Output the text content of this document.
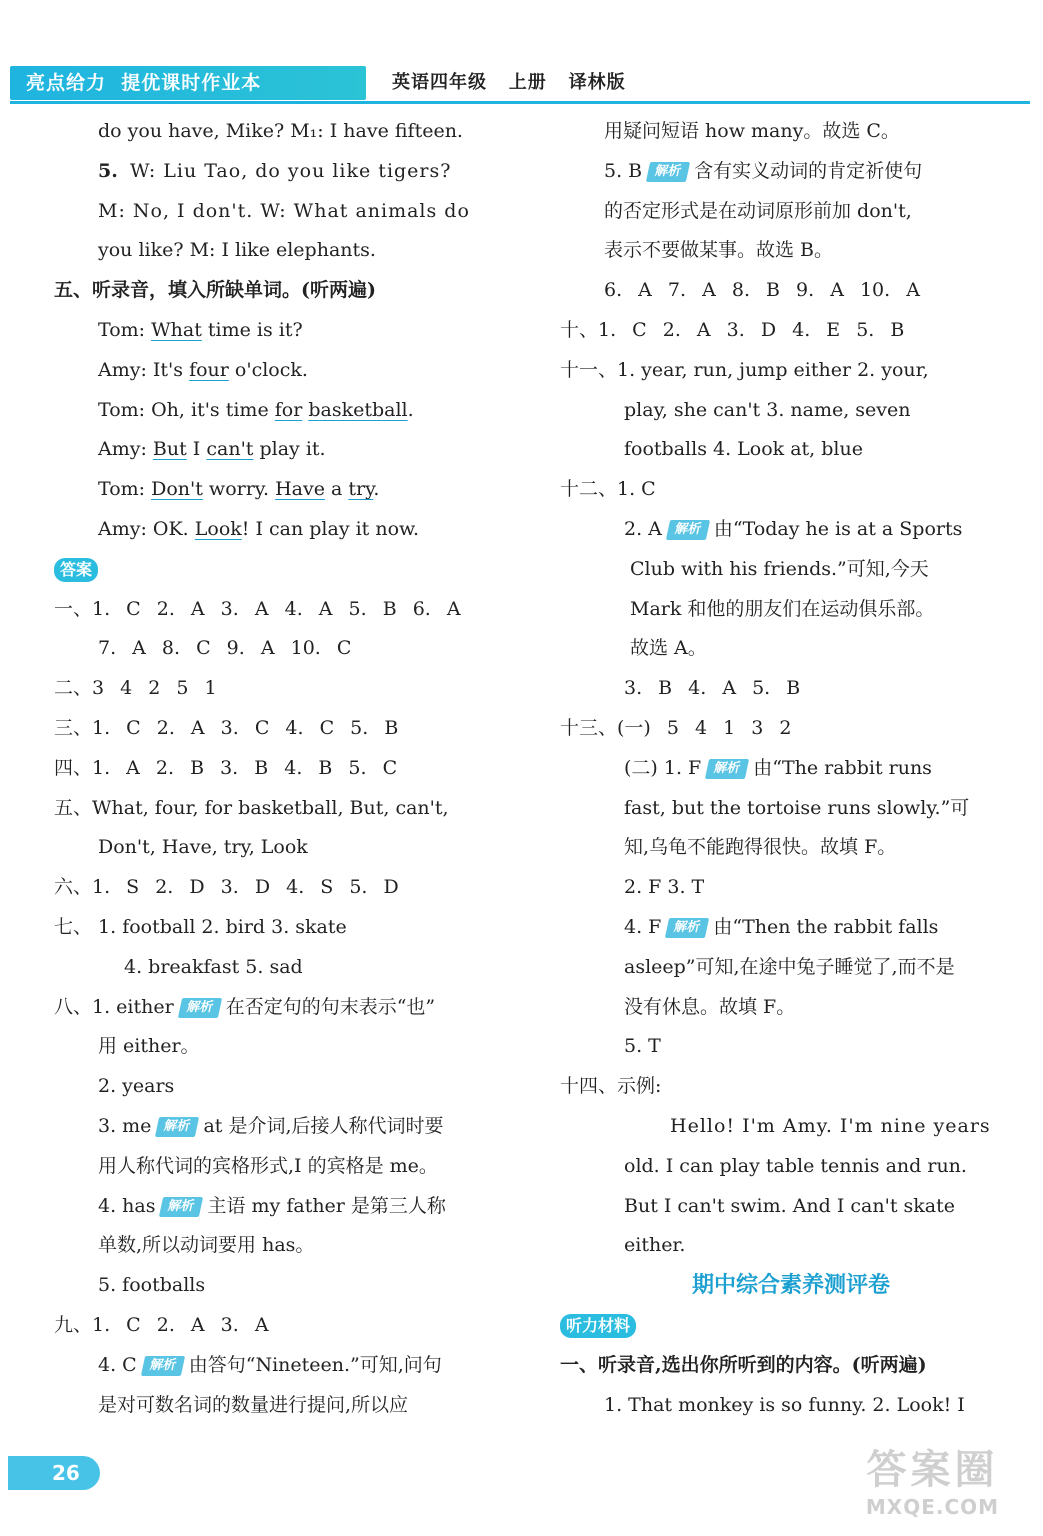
亮点给力  提优课时作业本	英语四年级   上册   译林版
do you have, Mike? M₁: I have fifteen.
5. W: Liu Tao, do you like tigers?
M: No, I don't. W: What animals do
you like? M: I like elephants.
五、听录音，填入所缺单词。(听两遍)
Tom: What time is it?
Amy: It's four o'clock.
Tom: Oh, it's time for basketball.
Amy: But I can't play it.
Tom: Don't worry. Have a try.
Amy: OK. Look! I can play it now.
答案
一、1. C 2. A 3. A 4. A 5. B 6. A
7. A 8. C 9. A 10. C
二、3 4 2 5 1
三、1. C 2. A 3. C 4. C 5. B
四、1. A 2. B 3. B 4. B 5. C
五、What, four, for basketball, But, can't,
Don't, Have, try, Look
六、1. S 2. D 3. D 4. S 5. D
七、 1. football 2. bird 3. skate
4. breakfast 5. sad
八、1. either 解析 在否定句的句末表示“也”
用 either。
2. years
3. me 解析 at 是介词,后接人称代词时要
用人称代词的宾格形式,I 的宾格是 me。
4. has 解析 主语 my father 是第三人称
单数,所以动词要用 has。
5. footballs
九、1. C 2. A 3. A
4. C 解析 由答句“Nineteen.”可知,问句
是对可数名词的数量进行提问,所以应
用疑问短语 how many。故选 C。
5. B 解析 含有实义动词的肯定祈使句
的否定形式是在动词原形前加 don't,
表示不要做某事。故选 B。
6. A 7. A 8. B 9. A 10. A
十、1. C 2. A 3. D 4. E 5. B
十一、1. year, run, jump either 2. your,
play, she can't 3. name, seven
footballs 4. Look at, blue
十二、1. C
2. A 解析 由“Today he is at a Sports
Club with his friends.”可知,今天
Mark 和他的朋友们在运动俱乐部。
故选 A。
3. B 4. A 5. B
十三、(一) 5 4 1 3 2
(二) 1. F 解析 由“The rabbit runs
fast, but the tortoise runs slowly.”可
知,乌龟不能跑得很快。故填 F。
2. F 3. T
4. F 解析 由“Then the rabbit falls
asleep”可知,在途中兔子睡觉了,而不是
没有休息。故填 F。
5. T
十四、示例:
Hello! I'm Amy. I'm nine years
old. I can play table tennis and run.
But I can't swim. And I can't skate
either.
期中综合素养测评卷
听力材料
一、听录音,选出你所听到的内容。(听两遍)
1. That monkey is so funny. 2. Look! I
26	答案圈
MXQE.COM
